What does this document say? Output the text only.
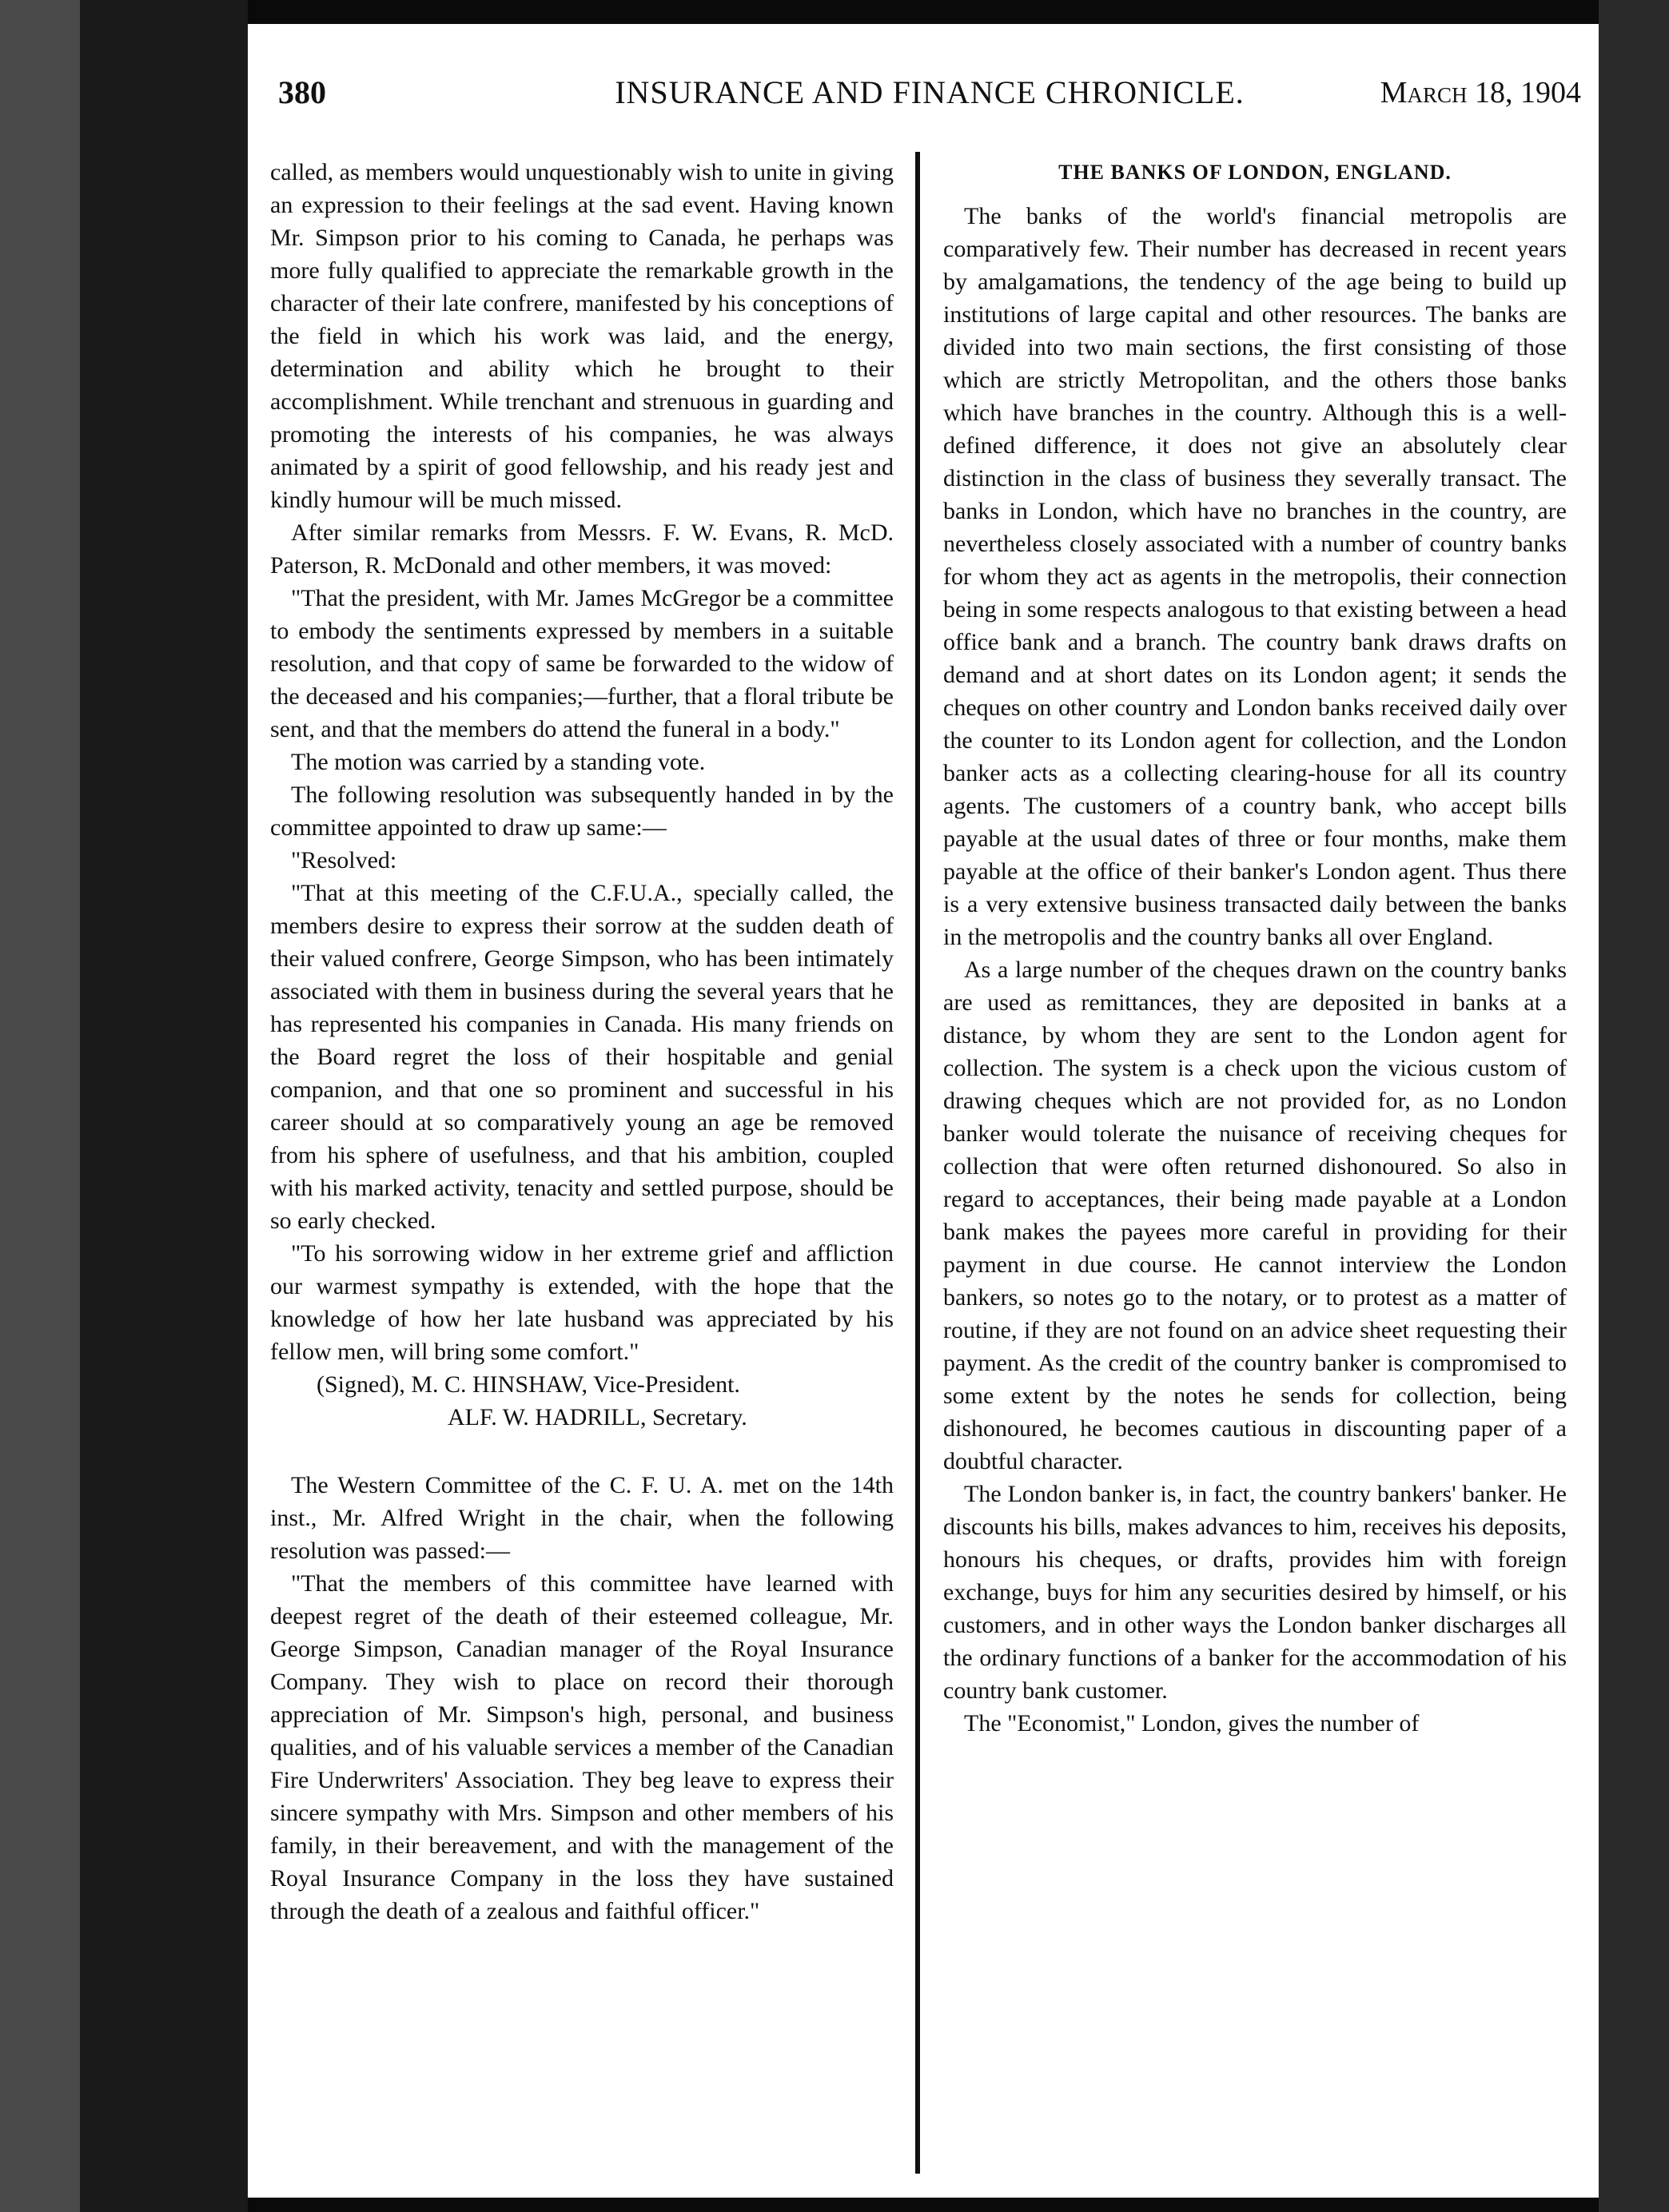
INSURANCE AND FINANCE CHRONICLE.
380	March 18, 1904

called, as members would unquestionably wish to unite in giving an expression to their feelings at the sad event. Having known Mr. Simpson prior to his coming to Canada, he perhaps was more fully qualified to appreciate the remarkable growth in the character of their late confrere, manifested by his conceptions of the field in which his work was laid, and the energy, determination and ability which he brought to their accomplishment. While trenchant and strenuous in guarding and promoting the interests of his companies, he was always animated by a spirit of good fellowship, and his ready jest and kindly humour will be much missed.

After similar remarks from Messrs. F. W. Evans, R. McD. Paterson, R. McDonald and other members, it was moved:

"That the president, with Mr. James McGregor be a committee to embody the sentiments expressed by members in a suitable resolution, and that copy of same be forwarded to the widow of the deceased and his companies;—further, that a floral tribute be sent, and that the members do attend the funeral in a body."

The motion was carried by a standing vote.

The following resolution was subsequently handed in by the committee appointed to draw up same:—

"Resolved:

"That at this meeting of the C.F.U.A., specially called, the members desire to express their sorrow at the sudden death of their valued confrere, George Simpson, who has been intimately associated with them in business during the several years that he has represented his companies in Canada. His many friends on the Board regret the loss of their hospitable and genial companion, and that one so prominent and successful in his career should at so comparatively young an age be removed from his sphere of usefulness, and that his ambition, coupled with his marked activity, tenacity and settled purpose, should be so early checked.

"To his sorrowing widow in her extreme grief and affliction our warmest sympathy is extended, with the hope that the knowledge of how her late husband was appreciated by his fellow men, will bring some comfort."

(Signed), M. C. HINSHAW, Vice-President.
ALF. W. HADRILL, Secretary.

The Western Committee of the C. F. U. A. met on the 14th inst., Mr. Alfred Wright in the chair, when the following resolution was passed:—

"That the members of this committee have learned with deepest regret of the death of their esteemed colleague, Mr. George Simpson, Canadian manager of the Royal Insurance Company. They wish to place on record their thorough appreciation of Mr. Simpson's high, personal, and business qualities, and of his valuable services a member of the Canadian Fire Underwriters' Association. They beg leave to express their sincere sympathy with Mrs. Simpson and other members of his family, in their bereavement, and with the management of the Royal Insurance Company in the loss they have sustained through the death of a zealous and faithful officer."

THE BANKS OF LONDON, ENGLAND.

The banks of the world's financial metropolis are comparatively few. Their number has decreased in recent years by amalgamations, the tendency of the age being to build up institutions of large capital and other resources. The banks are divided into two main sections, the first consisting of those which are strictly Metropolitan, and the others those banks which have branches in the country. Although this is a well-defined difference, it does not give an absolutely clear distinction in the class of business they severally transact. The banks in London, which have no branches in the country, are nevertheless closely associated with a number of country banks for whom they act as agents in the metropolis, their connection being in some respects analogous to that existing between a head office bank and a branch. The country bank draws drafts on demand and at short dates on its London agent; it sends the cheques on other country and London banks received daily over the counter to its London agent for collection, and the London banker acts as a collecting clearing-house for all its country agents. The customers of a country bank, who accept bills payable at the usual dates of three or four months, make them payable at the office of their banker's London agent. Thus there is a very extensive business transacted daily between the banks in the metropolis and the country banks all over England.

As a large number of the cheques drawn on the country banks are used as remittances, they are deposited in banks at a distance, by whom they are sent to the London agent for collection. The system is a check upon the vicious custom of drawing cheques which are not provided for, as no London banker would tolerate the nuisance of receiving cheques for collection that were often returned dishonoured. So also in regard to acceptances, their being made payable at a London bank makes the payees more careful in providing for their payment in due course. He cannot interview the London bankers, so notes go to the notary, or to protest as a matter of routine, if they are not found on an advice sheet requesting their payment. As the credit of the country banker is compromised to some extent by the notes he sends for collection, being dishonoured, he becomes cautious in discounting paper of a doubtful character.

The London banker is, in fact, the country bankers' banker. He discounts his bills, makes advances to him, receives his deposits, honours his cheques, or drafts, provides him with foreign exchange, buys for him any securities desired by himself, or his customers, and in other ways the London banker discharges all the ordinary functions of a banker for the accommodation of his country bank customer.

The "Economist," London, gives the number of
